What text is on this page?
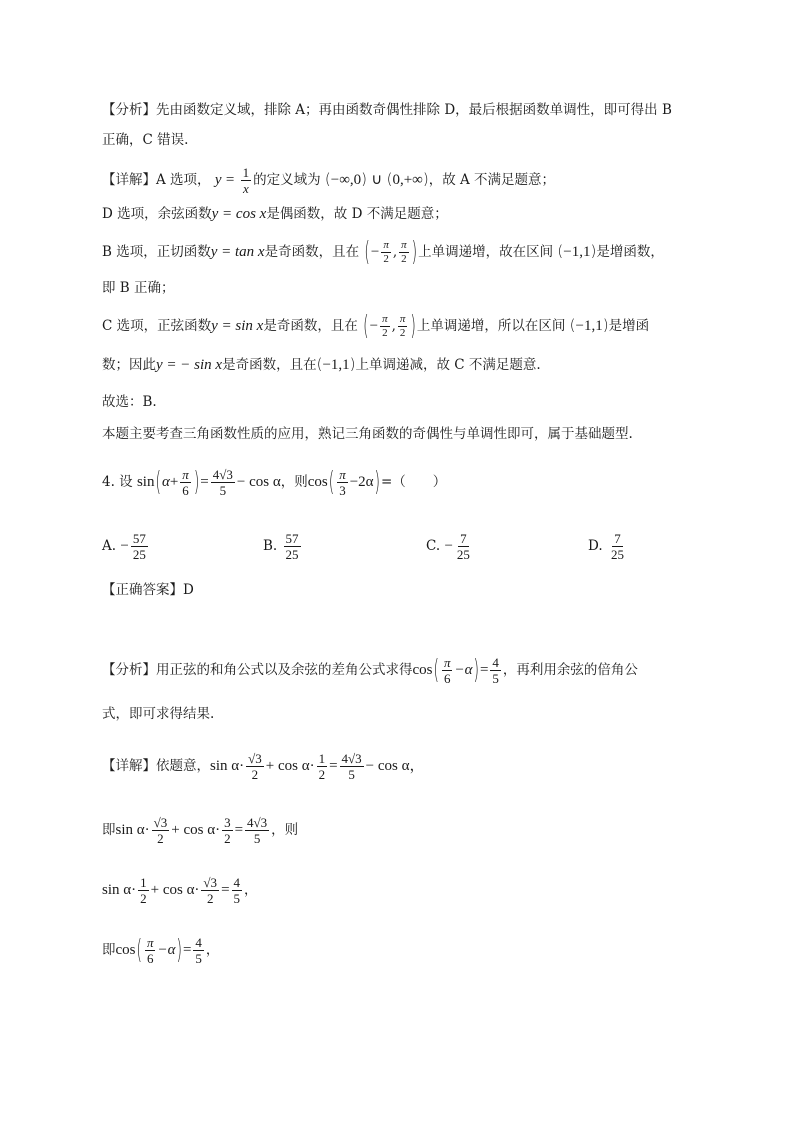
【分析】先由函数定义域，排除 A；再由函数奇偶性排除 D，最后根据函数单调性，即可得出 B
正确，C 错误.
【详解】A 选项， $y = \frac{1}{x}$ 的定义域为 (−∞,0) ∪ (0,+∞)，故 A 不满足题意；
D 选项，余弦函数y = cos x是偶函数，故 D 不满足题意；
B 选项，正切函数y = tan x是奇函数，且在 (− $\frac{\pi}{2}$ , $\frac{\pi}{2}$ )上单调递增，故在区间 (−1,1)是增函数，
即 B 正确；
C 选项，正弦函数y = sin x是奇函数，且在 (− $\frac{\pi}{2}$ , $\frac{\pi}{2}$ )上单调递增，所以在区间 (−1,1)是增函
数；因此y = − sin x是奇函数，且在(−1,1)上单调递减，故 C 不满足题意.
故选：B.
本题主要考查三角函数性质的应用，熟记三角函数的奇偶性与单调性即可，属于基础题型.
4. 设 $\sin(\alpha+ \frac{\pi}{6}$ )= $\frac{4√3}{5} - \cos \alpha$，则$\cos( \frac{\pi}{3} -2\alpha)=$（　　）
A. − $\frac{57}{25}$	B. $\frac{57}{25}$	C. − $\frac{7}{25}$	D. $\frac{7}{25}$
【正确答案】D
【分析】用正弦的和角公式以及余弦的差角公式求得$\cos( \frac{\pi}{6} -\alpha)= \frac{4}{5}$ ，再利用余弦的倍角公
式，即可求得结果.
【详解】依题意，$\sin \alpha\cdot \frac{√3}{2} + \cos \alpha\cdot \frac{1}{2} = \frac{4√3}{5} - \cos \alpha$，
即$\sin \alpha\cdot \frac{√3}{2} + \cos \alpha\cdot \frac{3}{2} = \frac{4√3}{5}$ ，则
$\sin \alpha\cdot \frac{1}{2} + \cos \alpha\cdot \frac{√3}{2} = \frac{4}{5}$ ，
即$\cos( \frac{\pi}{6} -\alpha)= \frac{4}{5}$ ，
